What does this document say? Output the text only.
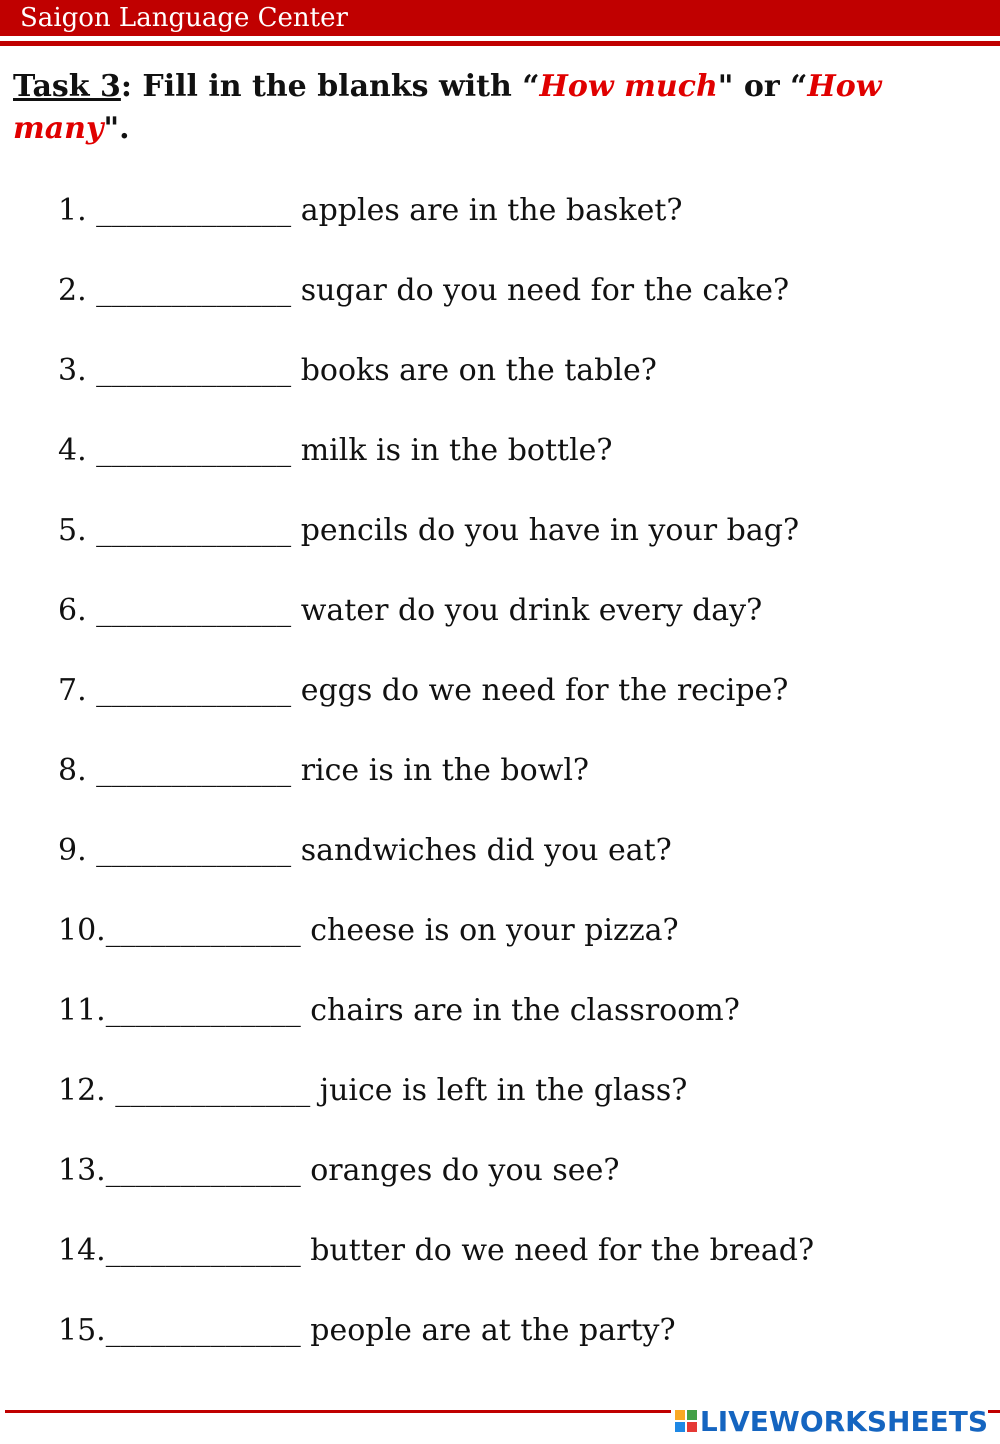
Saigon Language Center
Task 3: Fill in the blanks with “How much" or “How many".
1. _____________ apples are in the basket?
2. _____________ sugar do you need for the cake?
3. _____________ books are on the table?
4. _____________ milk is in the bottle?
5. _____________ pencils do you have in your bag?
6. _____________ water do you drink every day?
7. _____________ eggs do we need for the recipe?
8. _____________ rice is in the bowl?
9. _____________ sandwiches did you eat?
10._____________ cheese is on your pizza?
11._____________ chairs are in the classroom?
12. _____________ juice is left in the glass?
13._____________ oranges do you see?
14._____________ butter do we need for the bread?
15._____________ people are at the party?
LIVEWORKSHEETS
